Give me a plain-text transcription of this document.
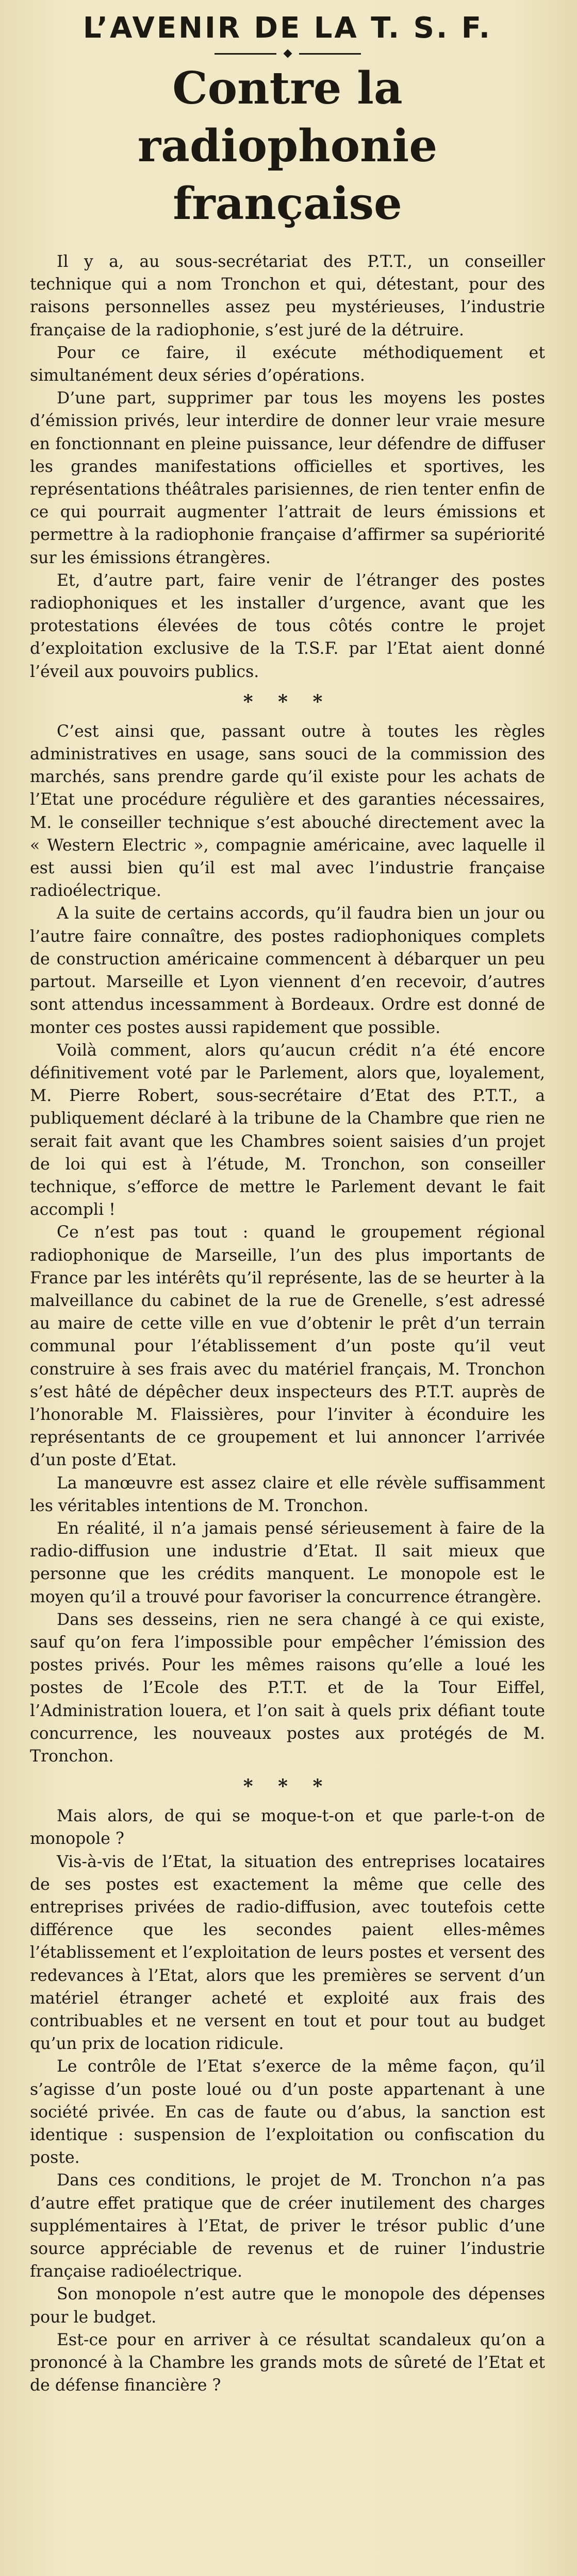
L’AVENIR DE LA T. S. F.
Contre la radiophonie
française

Il y a, au sous-secrétariat des P.T.T., un conseiller technique qui a nom Tronchon et qui, détestant, pour des raisons personnelles assez peu mystérieuses, l’industrie française de la radiophonie, s’est juré de la détruire.

Pour ce faire, il exécute méthodiquement et simultanément deux séries d’opérations.

D’une part, supprimer par tous les moyens les postes d’émission privés, leur interdire de donner leur vraie mesure en fonctionnant en pleine puissance, leur défendre de diffuser les grandes manifestations officielles et sportives, les représentations théâtrales parisiennes, de rien tenter enfin de ce qui pourrait augmenter l’attrait de leurs émissions et permettre à la radiophonie française d’affirmer sa supériorité sur les émissions étrangères.

Et, d’autre part, faire venir de l’étranger des postes radiophoniques et les installer d’urgence, avant que les protestations élevées de tous côtés contre le projet d’exploitation exclusive de la T.S.F. par l’Etat aient donné l’éveil aux pouvoirs publics.

* * *

C’est ainsi que, passant outre à toutes les règles administratives en usage, sans souci de la commission des marchés, sans prendre garde qu’il existe pour les achats de l’Etat une procédure régulière et des garanties nécessaires, M. le conseiller technique s’est abouché directement avec la « Western Electric », compagnie américaine, avec laquelle il est aussi bien qu’il est mal avec l’industrie française radioélectrique.

A la suite de certains accords, qu’il faudra bien un jour ou l’autre faire connaître, des postes radiophoniques complets de construction américaine commencent à débarquer un peu partout. Marseille et Lyon viennent d’en recevoir, d’autres sont attendus incessamment à Bordeaux. Ordre est donné de monter ces postes aussi rapidement que possible.

Voilà comment, alors qu’aucun crédit n’a été encore définitivement voté par le Parlement, alors que, loyalement, M. Pierre Robert, sous-secrétaire d’Etat des P.T.T., a publiquement déclaré à la tribune de la Chambre que rien ne serait fait avant que les Chambres soient saisies d’un projet de loi qui est à l’étude, M. Tronchon, son conseiller technique, s’efforce de mettre le Parlement devant le fait accompli !

Ce n’est pas tout : quand le groupement régional radiophonique de Marseille, l’un des plus importants de France par les intérêts qu’il représente, las de se heurter à la malveillance du cabinet de la rue de Grenelle, s’est adressé au maire de cette ville en vue d’obtenir le prêt d’un terrain communal pour l’établissement d’un poste qu’il veut construire à ses frais avec du matériel français, M. Tronchon s’est hâté de dépêcher deux inspecteurs des P.T.T. auprès de l’honorable M. Flaissières, pour l’inviter à éconduire les représentants de ce groupement et lui annoncer l’arrivée d’un poste d’Etat.

La manœuvre est assez claire et elle révèle suffisamment les véritables intentions de M. Tronchon.

En réalité, il n’a jamais pensé sérieusement à faire de la radio-diffusion une industrie d’Etat. Il sait mieux que personne que les crédits manquent. Le monopole est le moyen qu’il a trouvé pour favoriser la concurrence étrangère.

Dans ses desseins, rien ne sera changé à ce qui existe, sauf qu’on fera l’impossible pour empêcher l’émission des postes privés. Pour les mêmes raisons qu’elle a loué les postes de l’Ecole des P.T.T. et de la Tour Eiffel, l’Administration louera, et l’on sait à quels prix défiant toute concurrence, les nouveaux postes aux protégés de M. Tronchon.

* * *

Mais alors, de qui se moque-t-on et que parle-t-on de monopole ?

Vis-à-vis de l’Etat, la situation des entreprises locataires de ses postes est exactement la même que celle des entreprises privées de radio-diffusion, avec toutefois cette différence que les secondes paient elles-mêmes l’établissement et l’exploitation de leurs postes et versent des redevances à l’Etat, alors que les premières se servent d’un matériel étranger acheté et exploité aux frais des contribuables et ne versent en tout et pour tout au budget qu’un prix de location ridicule.

Le contrôle de l’Etat s’exerce de la même façon, qu’il s’agisse d’un poste loué ou d’un poste appartenant à une société privée. En cas de faute ou d’abus, la sanction est identique : suspension de l’exploitation ou confiscation du poste.

Dans ces conditions, le projet de M. Tronchon n’a pas d’autre effet pratique que de créer inutilement des charges supplémentaires à l’Etat, de priver le trésor public d’une source appréciable de revenus et de ruiner l’industrie française radioélectrique.

Son monopole n’est autre que le monopole des dépenses pour le budget.

Est-ce pour en arriver à ce résultat scandaleux qu’on a prononcé à la Chambre les grands mots de sûreté de l’Etat et de défense financière ?
